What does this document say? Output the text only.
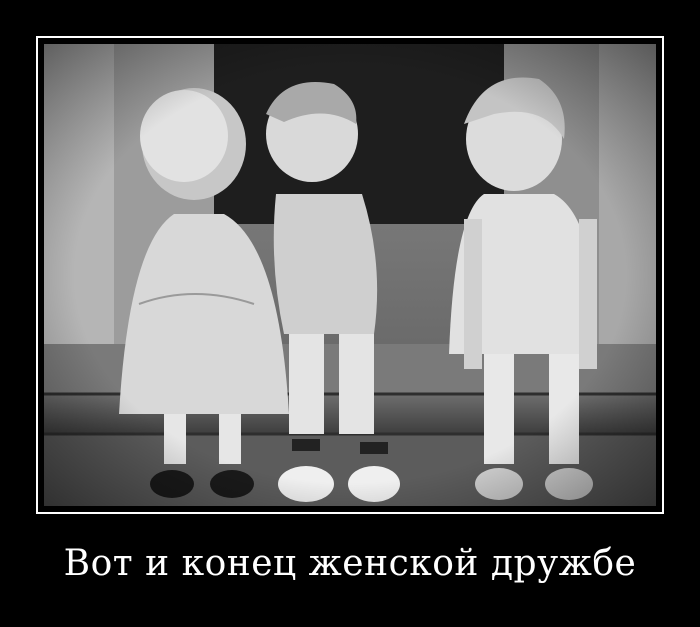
Вот и конец женской дружбе
